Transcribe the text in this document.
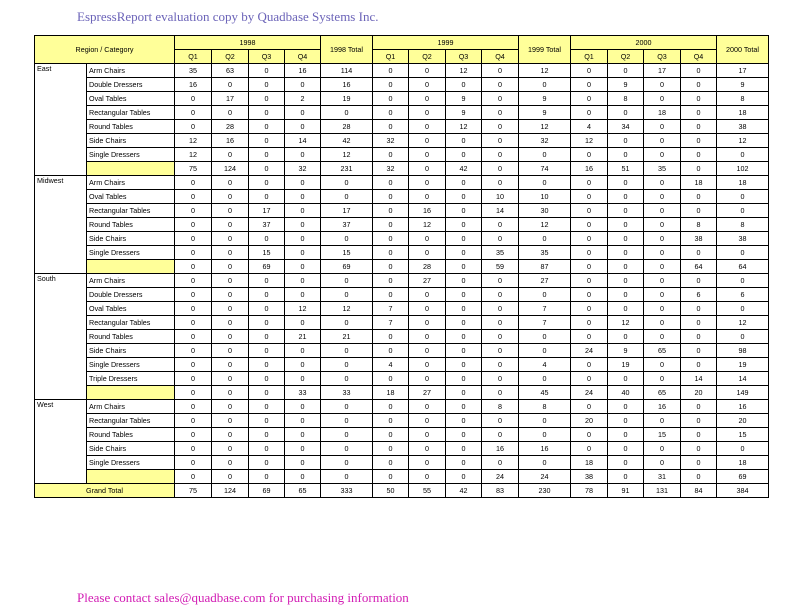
EspressReport evaluation copy by Quadbase Systems Inc.
Region / Category		1998				1998 Total	1999				1999 Total	2000				2000 Total
		Q1	Q2	Q3	Q4		Q1	Q2	Q3	Q4		Q1	Q2	Q3	Q4	
East	Arm Chairs	35	63	0	16	114	0	0	12	0	12	0	0	17	0	17
	Double Dressers	16	0	0	0	16	0	0	0	0	0	0	9	0	0	9
	Oval Tables	0	17	0	2	19	0	0	9	0	9	0	8	0	0	8
	Rectangular Tables	0	0	0	0	0	0	0	9	0	9	0	0	18	0	18
	Round Tables	0	28	0	0	28	0	0	12	0	12	4	34	0	0	38
	Side Chairs	12	16	0	14	42	32	0	0	0	32	12	0	0	0	12
	Single Dressers	12	0	0	0	12	0	0	0	0	0	0	0	0	0	0
		75	124	0	32	231	32	0	42	0	74	16	51	35	0	102
Midwest	Arm Chairs	0	0	0	0	0	0	0	0	0	0	0	0	0	18	18
	Oval Tables	0	0	0	0	0	0	0	0	10	10	0	0	0	0	0
	Rectangular Tables	0	0	17	0	17	0	16	0	14	30	0	0	0	0	0
	Round Tables	0	0	37	0	37	0	12	0	0	12	0	0	0	8	8
	Side Chairs	0	0	0	0	0	0	0	0	0	0	0	0	0	38	38
	Single Dressers	0	0	15	0	15	0	0	0	35	35	0	0	0	0	0
		0	0	69	0	69	0	28	0	59	87	0	0	0	64	64
South	Arm Chairs	0	0	0	0	0	0	27	0	0	27	0	0	0	0	0
	Double Dressers	0	0	0	0	0	0	0	0	0	0	0	0	0	6	6
	Oval Tables	0	0	0	12	12	7	0	0	0	7	0	0	0	0	0
	Rectangular Tables	0	0	0	0	0	7	0	0	0	7	0	12	0	0	12
	Round Tables	0	0	0	21	21	0	0	0	0	0	0	0	0	0	0
	Side Chairs	0	0	0	0	0	0	0	0	0	0	24	9	65	0	98
	Single Dressers	0	0	0	0	0	4	0	0	0	4	0	19	0	0	19
	Triple Dressers	0	0	0	0	0	0	0	0	0	0	0	0	0	14	14
		0	0	0	33	33	18	27	0	0	45	24	40	65	20	149
West	Arm Chairs	0	0	0	0	0	0	0	0	8	8	0	0	16	0	16
	Rectangular Tables	0	0	0	0	0	0	0	0	0	0	20	0	0	0	20
	Round Tables	0	0	0	0	0	0	0	0	0	0	0	0	15	0	15
	Side Chairs	0	0	0	0	0	0	0	0	16	16	0	0	0	0	0
	Single Dressers	0	0	0	0	0	0	0	0	0	0	18	0	0	0	18
		0	0	0	0	0	0	0	0	24	24	38	0	31	0	69
Grand Total		75	124	69	65	333	50	55	42	83	230	78	91	131	84	384
Please contact sales@quadbase.com for purchasing information
